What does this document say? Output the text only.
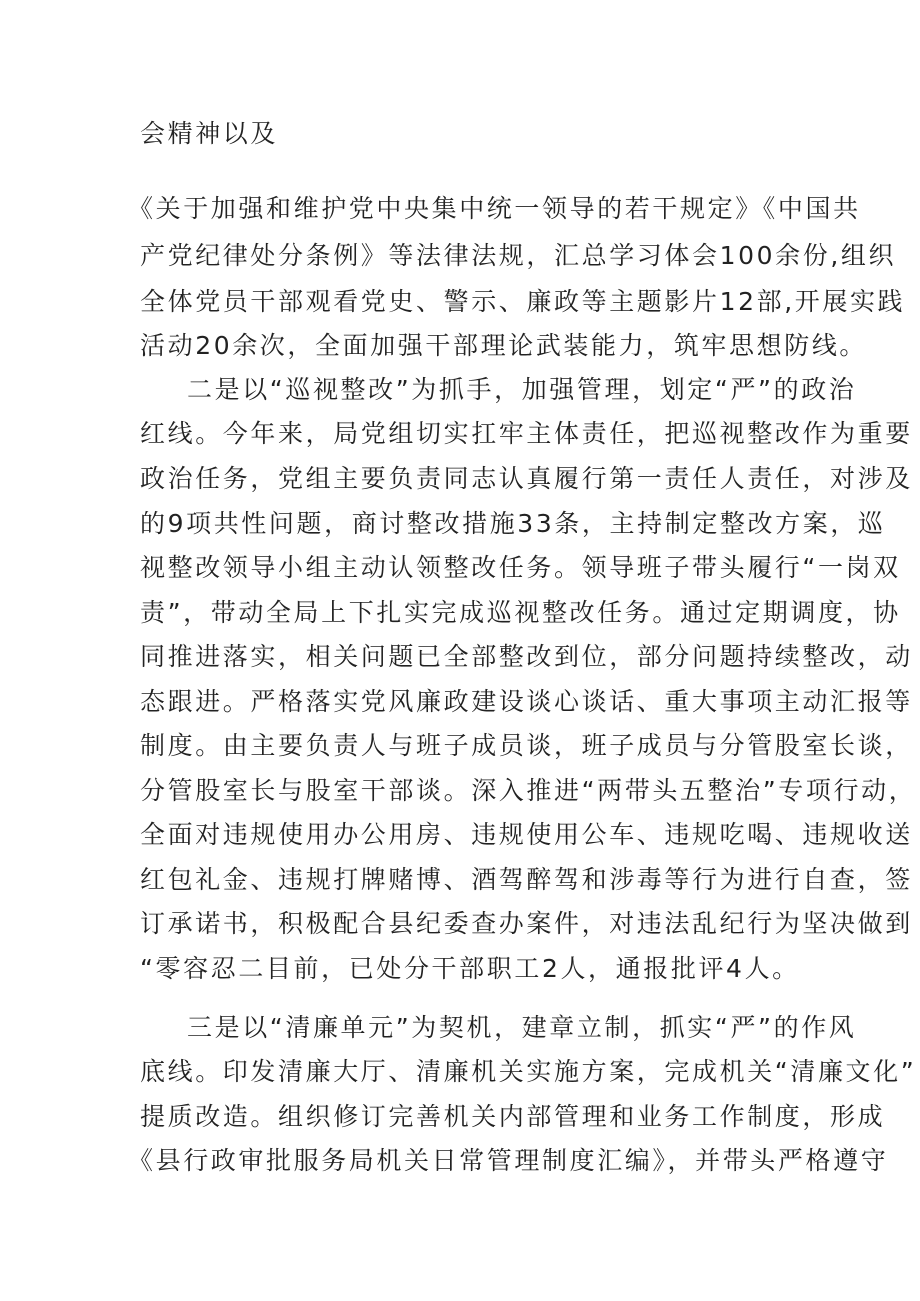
会精神以及
《关于加强和维护党中央集中统一领导的若干规定》《中国共
产党纪律处分条例》等法律法规，汇总学习体会100余份,组织
全体党员干部观看党史、警示、廉政等主题影片12部,开展实践
活动20余次，全面加强干部理论武装能力，筑牢思想防线。
二是以“巡视整改”为抓手，加强管理，划定“严”的政治
红线。今年来，局党组切实扛牢主体责任，把巡视整改作为重要
政治任务，党组主要负责同志认真履行第一责任人责任，对涉及
的9项共性问题，商讨整改措施33条，主持制定整改方案，巡
视整改领导小组主动认领整改任务。领导班子带头履行“一岗双
责”，带动全局上下扎实完成巡视整改任务。通过定期调度，协
同推进落实，相关问题已全部整改到位，部分问题持续整改，动
态跟进。严格落实党风廉政建设谈心谈话、重大事项主动汇报等
制度。由主要负责人与班子成员谈，班子成员与分管股室长谈，
分管股室长与股室干部谈。深入推进“两带头五整治”专项行动，
全面对违规使用办公用房、违规使用公车、违规吃喝、违规收送
红包礼金、违规打牌赌博、酒驾醉驾和涉毒等行为进行自查，签
订承诺书，积极配合县纪委查办案件，对违法乱纪行为坚决做到
“零容忍二目前，已处分干部职工2人，通报批评4人。
三是以“清廉单元”为契机，建章立制，抓实“严”的作风
底线。印发清廉大厅、清廉机关实施方案，完成机关“清廉文化”
提质改造。组织修订完善机关内部管理和业务工作制度，形成
《县行政审批服务局机关日常管理制度汇编》，并带头严格遵守
